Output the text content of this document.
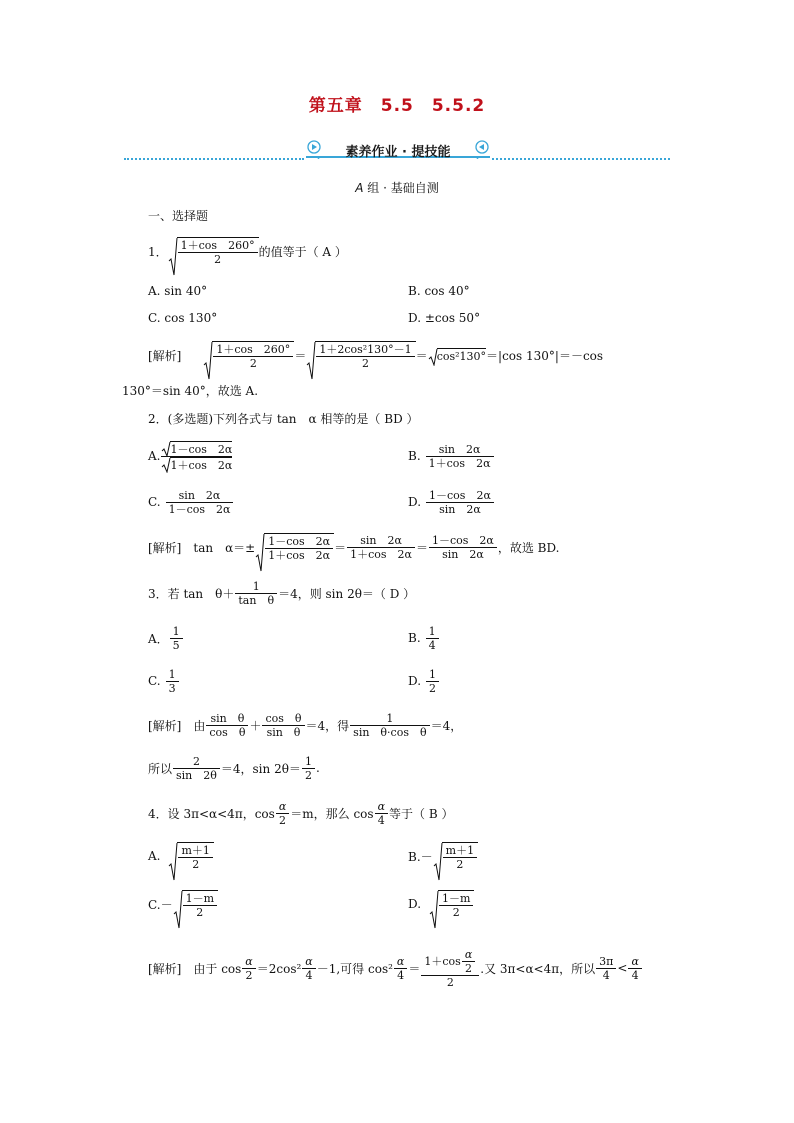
第五章　5.5　5.5.2
素养作业 · 提技能
A 组 · 基础自测
一、选择题
1． $\frac{1+\cos 260^\circ}{2}$ 的值等于（ A ）
A. sin 40°	B. cos 40°
C. cos 130°	D. ±cos 50°
[解析]	$\frac{1+\cos 260^\circ}{2} = \frac{\text{1＋2cos²130°－1}}{2} = \cos^2130^\circ =|\cos$ 130°|＝－cos
130°＝sin 40°，故选 A.
2．(多选题)下列各式与 tan　α 相等的是（ BD ）
A. $\frac{1-\cos 2\alpha}{1+\cos 2\alpha}$	B. $\frac{\sin 2\alpha}{1+\cos 2\alpha}$
C. $\frac{\sin 2\alpha}{1-\cos 2\alpha}$	D. $\frac{1-\cos 2\alpha}{\sin 2\alpha}$
[解析] tan　$\alpha=\pm \frac{1-\cos 2\alpha}{1+\cos 2\alpha} = \frac{\sin 2\alpha}{1+\cos 2\alpha} = \frac{1-\cos 2\alpha}{\sin 2\alpha}$ ，故选 BD.
3．若 tan　$\theta+ \frac{1}{\text{tan　θ}} =4$，则 sin 2θ＝（ D ）
A． $\frac{1}{5}$	B. $\frac{1}{4}$
C. $\frac{1}{3}$	D. $\frac{1}{2}$
[解析] 由 $\frac{\text{sin　θ}}{\text{cos　θ}} + \frac{\text{cos　θ}}{\text{sin　θ}} =4$，得 $\frac{1}{\text{sin　θ·cos　θ}} =4$，
所以 $\frac{2}{\sin 2\theta} =4$，$\sin 2\theta= \frac{1}{2}$ .
4．设 3π<α<4π，$\cos \frac{\alpha}{2} =m$，那么 $\cos \frac{\alpha}{4}$ 等于（ B ）
A. $\frac{m+1}{2}$	$B.- \frac{m+1}{2}$
$C.- \frac{1-m}{2}$	D. $\frac{1-m}{2}$
[解析] 由于 $\cos \frac{\alpha}{2} =2\cos^2 \frac{\alpha}{4} -1$,可得 $\cos^2 \frac{\alpha}{4} = \frac{1+\cos \frac{\alpha}{2}}{2}$ .又 3π<α<4π，所以 $\frac{3\pi}{4} < \frac{\alpha}{4}$
